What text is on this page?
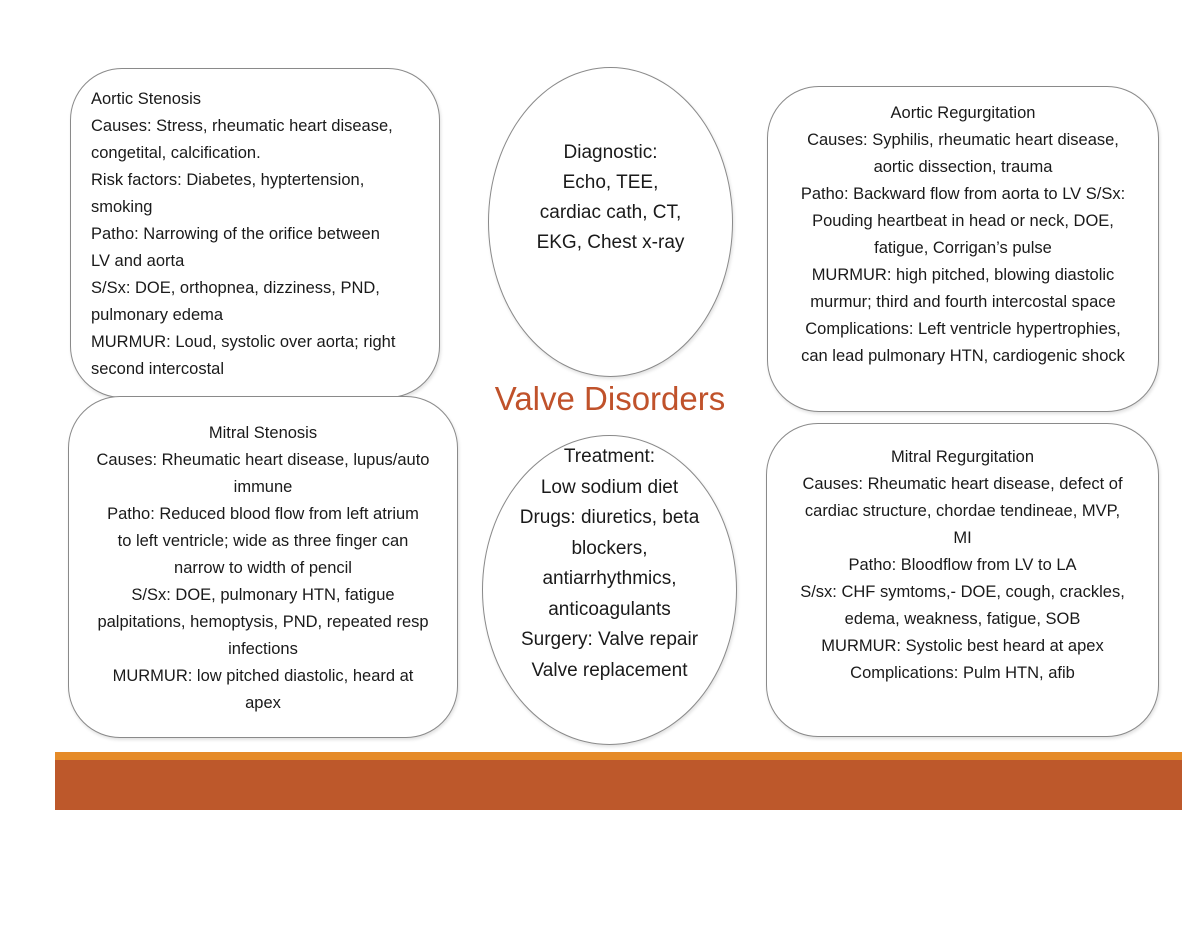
Aortic Stenosis
Causes: Stress, rheumatic heart disease,
congetital, calcification.
Risk factors: Diabetes, hyptertension,
smoking
Patho: Narrowing of the orifice between
LV and aorta
S/Sx: DOE, orthopnea, dizziness, PND,
pulmonary edema
MURMUR: Loud, systolic over aorta; right
second intercostal
Diagnostic:
Echo, TEE,
cardiac cath, CT,
EKG, Chest x-ray
Aortic Regurgitation
Causes: Syphilis, rheumatic heart disease,
aortic dissection, trauma
Patho: Backward flow from aorta to LV S/Sx:
Pouding heartbeat in head or neck, DOE,
fatigue, Corrigan’s pulse
MURMUR: high pitched, blowing diastolic
murmur; third and fourth intercostal space
Complications: Left ventricle hypertrophies,
can lead pulmonary HTN, cardiogenic shock
Valve Disorders
Mitral Stenosis
Causes: Rheumatic heart disease, lupus/auto
immune
Patho: Reduced blood flow from left atrium
to left ventricle; wide as three finger can
narrow to width of pencil
S/Sx: DOE, pulmonary HTN, fatigue
palpitations, hemoptysis, PND, repeated resp
infections
MURMUR: low pitched diastolic, heard at
apex
Treatment:
Low sodium diet
Drugs: diuretics, beta
blockers,
antiarrhythmics,
anticoagulants
Surgery: Valve repair
Valve replacement
Mitral Regurgitation
Causes: Rheumatic heart disease, defect of
cardiac structure, chordae tendineae, MVP,
MI
Patho: Bloodflow from LV to LA
S/sx: CHF symtoms,- DOE, cough, crackles,
edema, weakness, fatigue, SOB
MURMUR: Systolic best heard at apex
Complications: Pulm HTN, afib
